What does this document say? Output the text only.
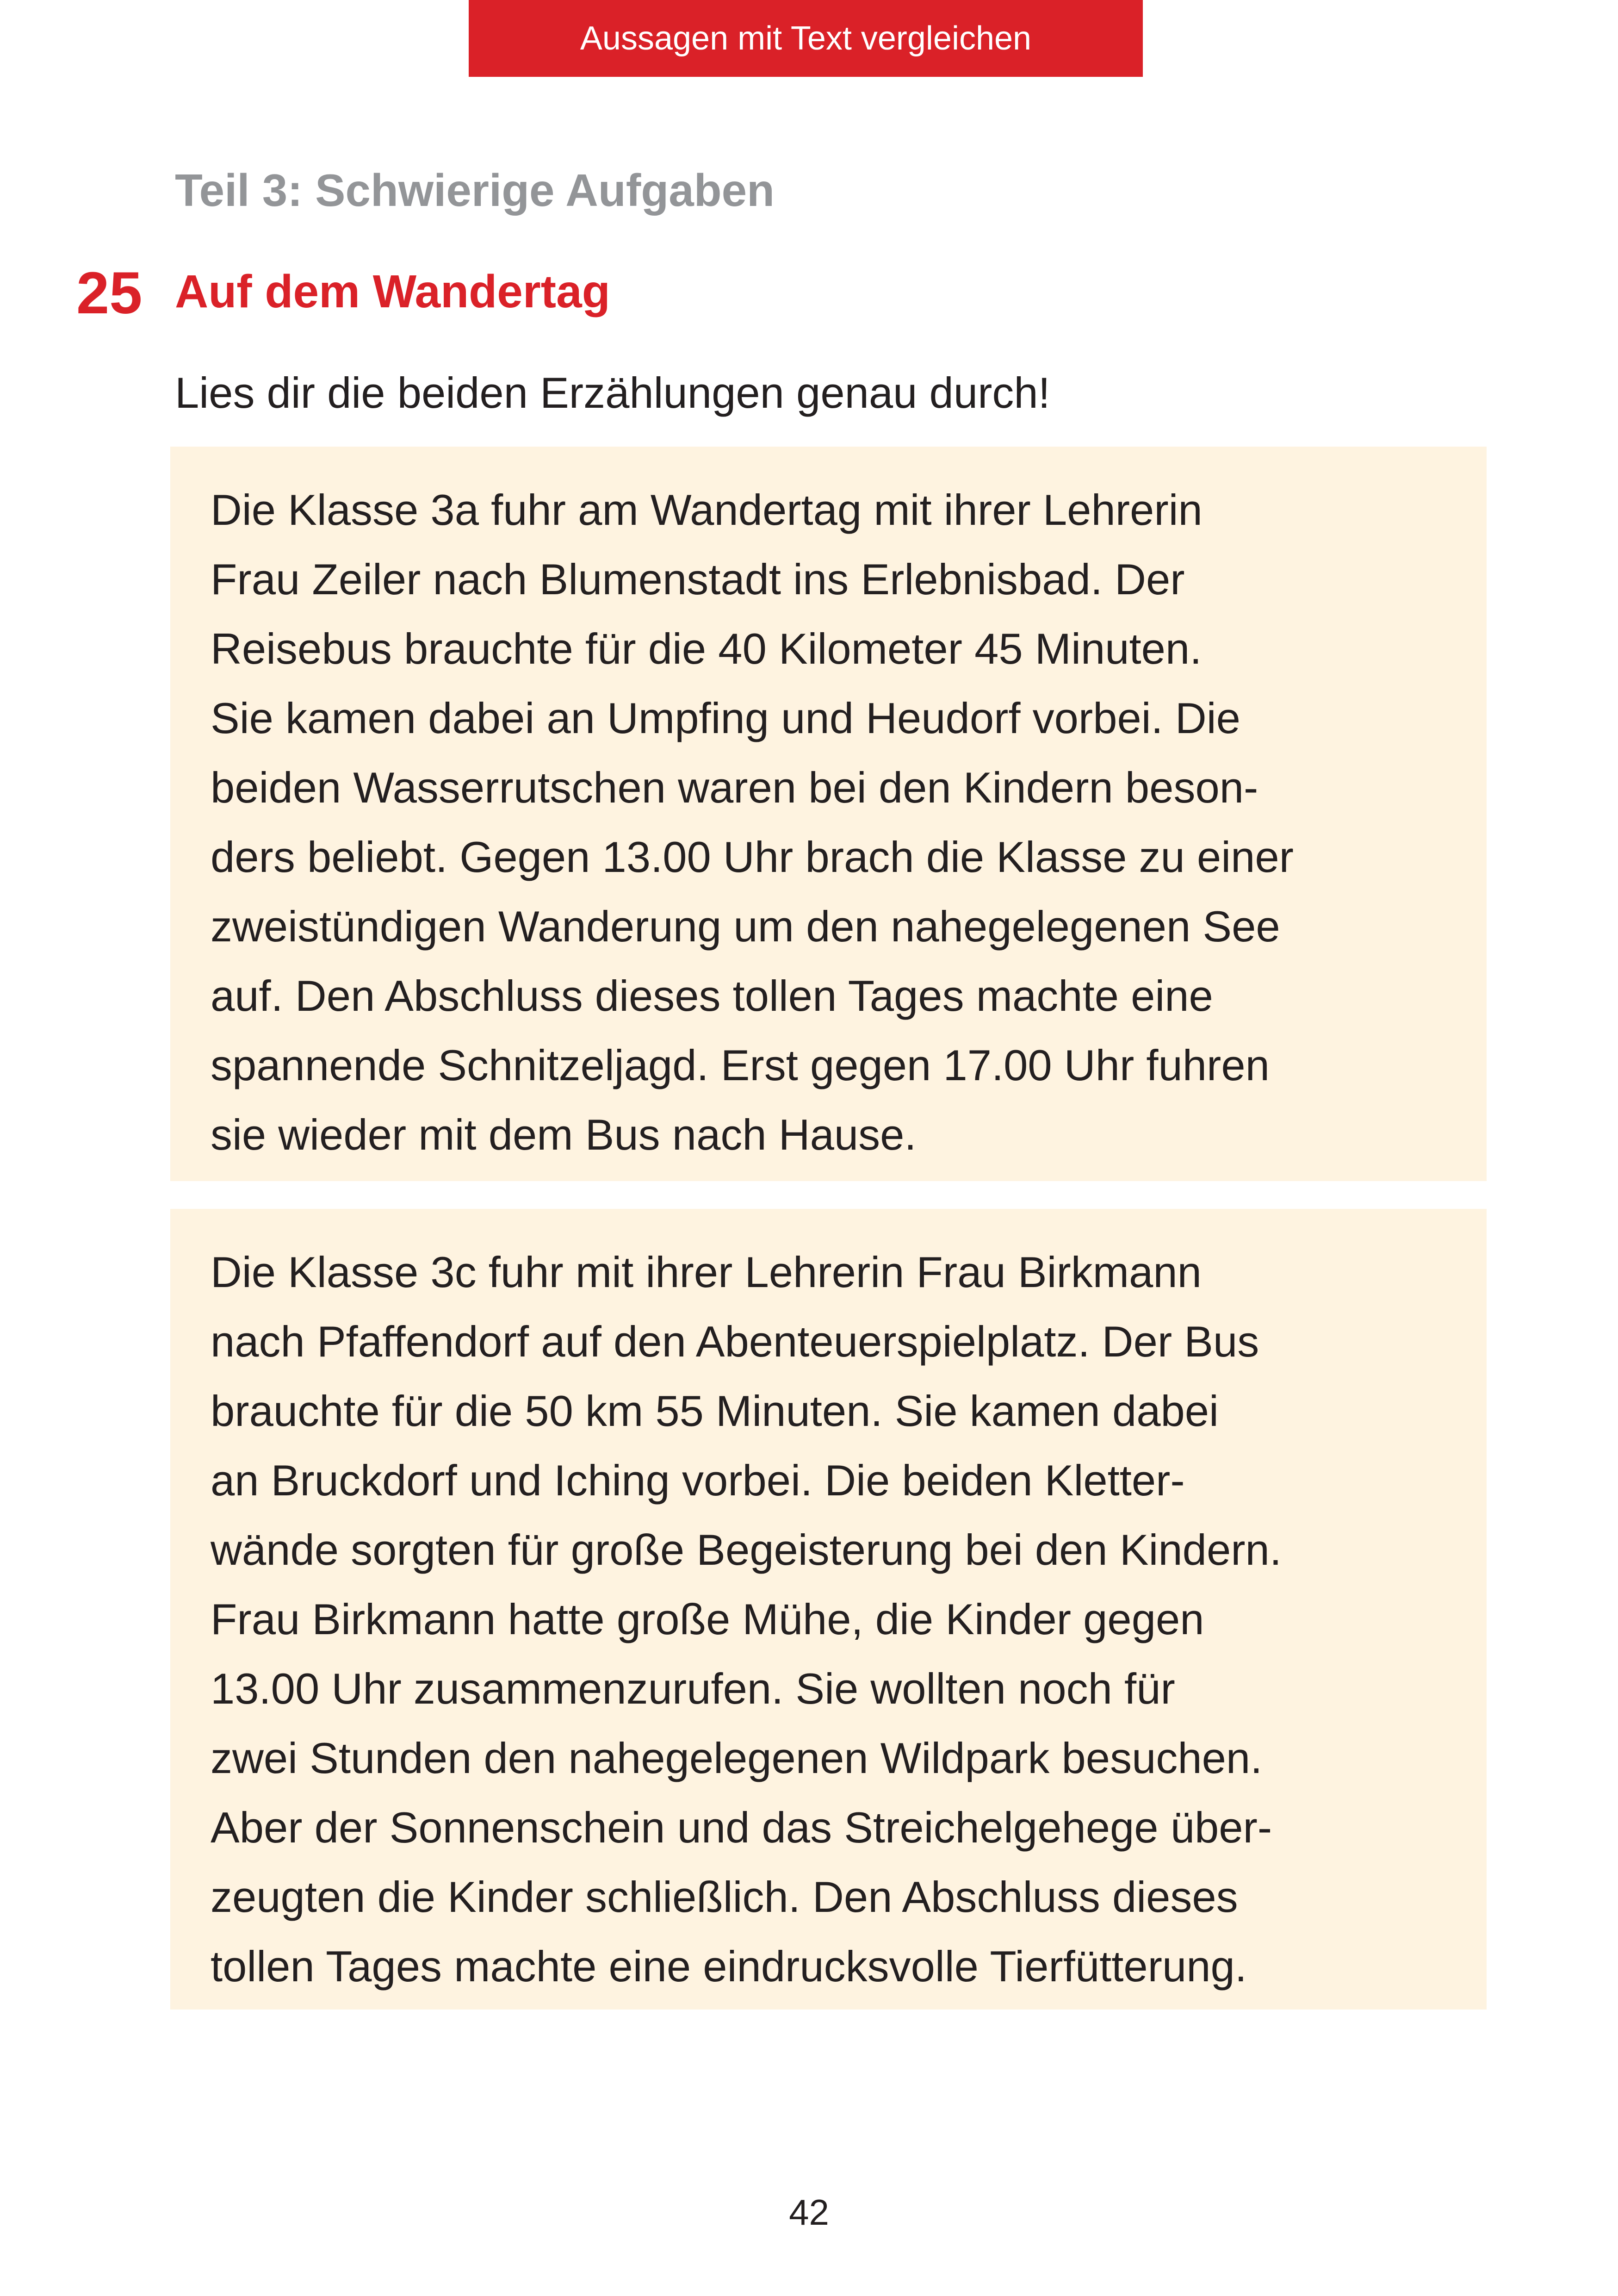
Aussagen mit Text vergleichen
Teil 3: Schwierige Aufgaben
25 Auf dem Wandertag
Lies dir die beiden Erzählungen genau durch!
Die Klasse 3a fuhr am Wandertag mit ihrer Lehrerin
Frau Zeiler nach Blumenstadt ins Erlebnisbad. Der
Reisebus brauchte für die 40 Kilometer 45 Minuten.
Sie kamen dabei an Umpfing und Heudorf vorbei. Die
beiden Wasserrutschen waren bei den Kindern beson-
ders beliebt. Gegen 13.00 Uhr brach die Klasse zu einer
zweistündigen Wanderung um den nahegelegenen See
auf. Den Abschluss dieses tollen Tages machte eine
spannende Schnitzeljagd. Erst gegen 17.00 Uhr fuhren
sie wieder mit dem Bus nach Hause.
Die Klasse 3c fuhr mit ihrer Lehrerin Frau Birkmann
nach Pfaffendorf auf den Abenteuerspielplatz. Der Bus
brauchte für die 50 km 55 Minuten. Sie kamen dabei
an Bruckdorf und Iching vorbei. Die beiden Kletter-
wände sorgten für große Begeisterung bei den Kindern.
Frau Birkmann hatte große Mühe, die Kinder gegen
13.00 Uhr zusammenzurufen. Sie wollten noch für
zwei Stunden den nahegelegenen Wildpark besuchen.
Aber der Sonnenschein und das Streichelgehege über-
zeugten die Kinder schließlich. Den Abschluss dieses
tollen Tages machte eine eindrucksvolle Tierfütterung.
42
